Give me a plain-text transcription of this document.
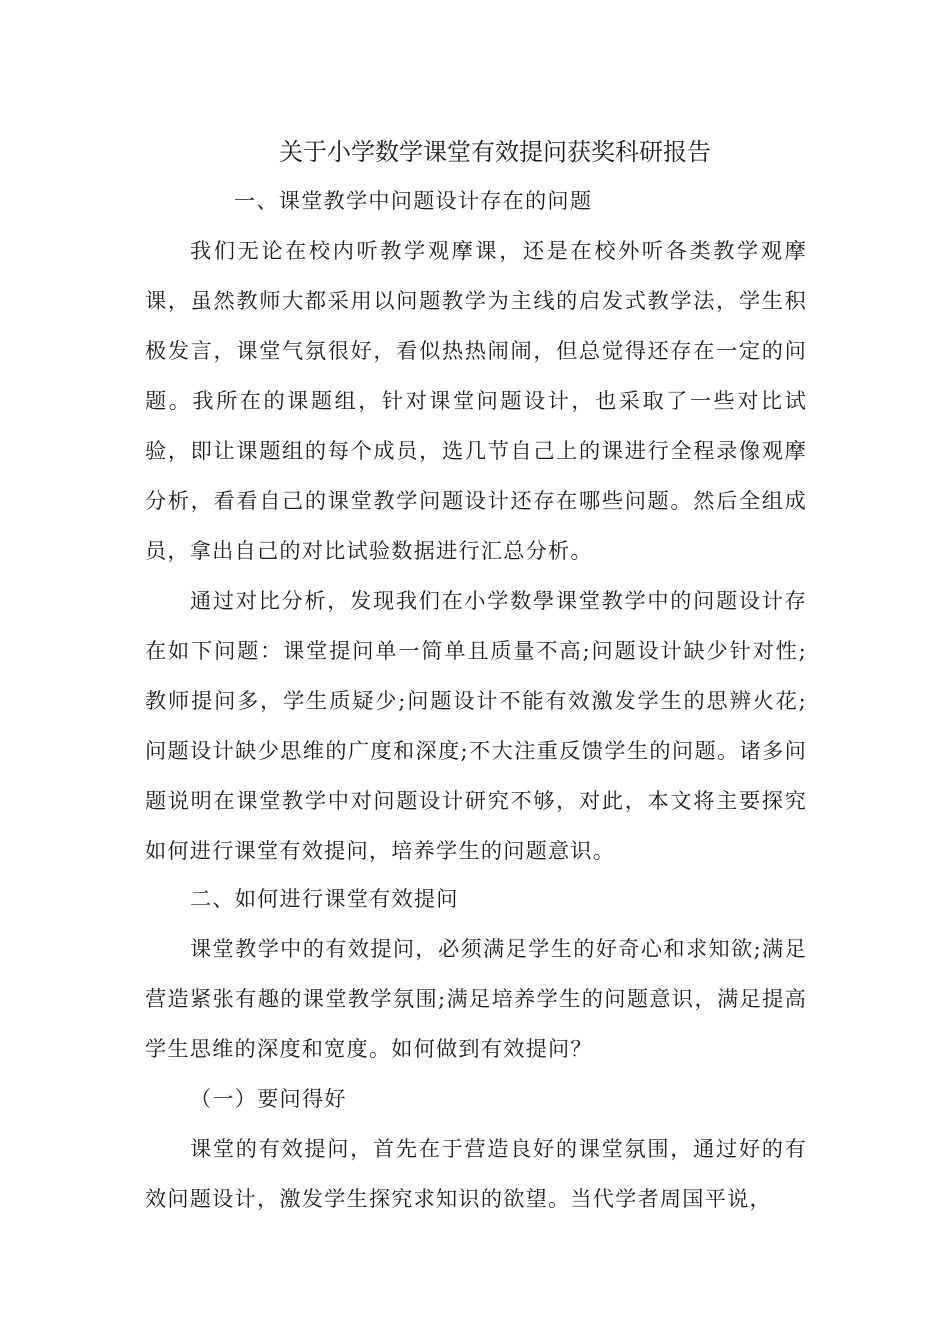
关于小学数学课堂有效提问获奖科研报告

一、课堂教学中问题设计存在的问题

我们无论在校内听教学观摩课，还是在校外听各类教学观摩课，虽然教师大都采用以问题教学为主线的启发式教学法，学生积极发言，课堂气氛很好，看似热热闹闹，但总觉得还存在一定的问题。我所在的课题组，针对课堂问题设计，也采取了一些对比试验，即让课题组的每个成员，选几节自己上的课进行全程录像观摩分析，看看自己的课堂教学问题设计还存在哪些问题。然后全组成员，拿出自己的对比试验数据进行汇总分析。

通过对比分析，发现我们在小学数學课堂教学中的问题设计存在如下问题：课堂提问单一简单且质量不高;问题设计缺少针对性;教师提问多，学生质疑少;问题设计不能有效激发学生的思辨火花;问题设计缺少思维的广度和深度;不大注重反馈学生的问题。诸多问题说明在课堂教学中对问题设计研究不够，对此，本文将主要探究如何进行课堂有效提问，培养学生的问题意识。

二、如何进行课堂有效提问

课堂教学中的有效提问，必须满足学生的好奇心和求知欲;满足营造紧张有趣的课堂教学氛围;满足培养学生的问题意识，满足提高学生思维的深度和宽度。如何做到有效提问？

（一）要问得好

课堂的有效提问，首先在于营造良好的课堂氛围，通过好的有效问题设计，激发学生探究求知识的欲望。当代学者周国平说，
